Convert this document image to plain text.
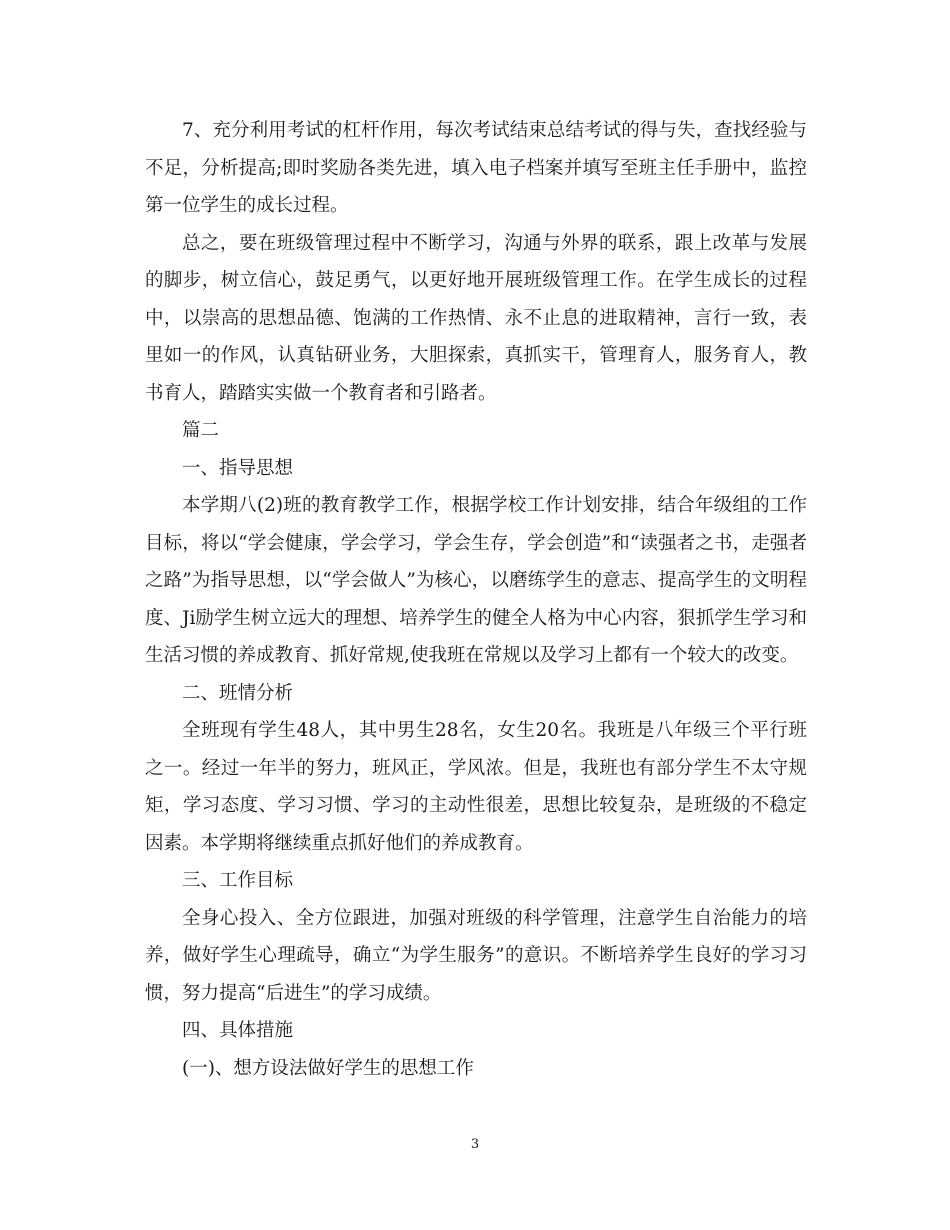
7、充分利用考试的杠杆作用，每次考试结束总结考试的得与失，查找经验与不足，分析提高;即时奖励各类先进，填入电子档案并填写至班主任手册中，监控第一位学生的成长过程。

总之，要在班级管理过程中不断学习，沟通与外界的联系，跟上改革与发展的脚步，树立信心，鼓足勇气，以更好地开展班级管理工作。在学生成长的过程中，以崇高的思想品德、饱满的工作热情、永不止息的进取精神，言行一致，表里如一的作风，认真钻研业务，大胆探索，真抓实干，管理育人，服务育人，教书育人，踏踏实实做一个教育者和引路者。

篇二

一、指导思想

本学期八(2)班的教育教学工作，根据学校工作计划安排，结合年级组的工作目标，将以“学会健康，学会学习，学会生存，学会创造”和“读强者之书，走强者之路”为指导思想，以“学会做人”为核心，以磨练学生的意志、提高学生的文明程度、Ji励学生树立远大的理想、培养学生的健全人格为中心内容，狠抓学生学习和生活习惯的养成教育、抓好常规,使我班在常规以及学习上都有一个较大的改变。

二、班情分析

全班现有学生48人，其中男生28名，女生20名。我班是八年级三个平行班之一。经过一年半的努力，班风正，学风浓。但是，我班也有部分学生不太守规矩，学习态度、学习习惯、学习的主动性很差，思想比较复杂，是班级的不稳定因素。本学期将继续重点抓好他们的养成教育。

三、工作目标

全身心投入、全方位跟进，加强对班级的科学管理，注意学生自治能力的培养，做好学生心理疏导，确立“为学生服务”的意识。不断培养学生良好的学习习惯，努力提高“后进生”的学习成绩。

四、具体措施

(一)、想方设法做好学生的思想工作

3
